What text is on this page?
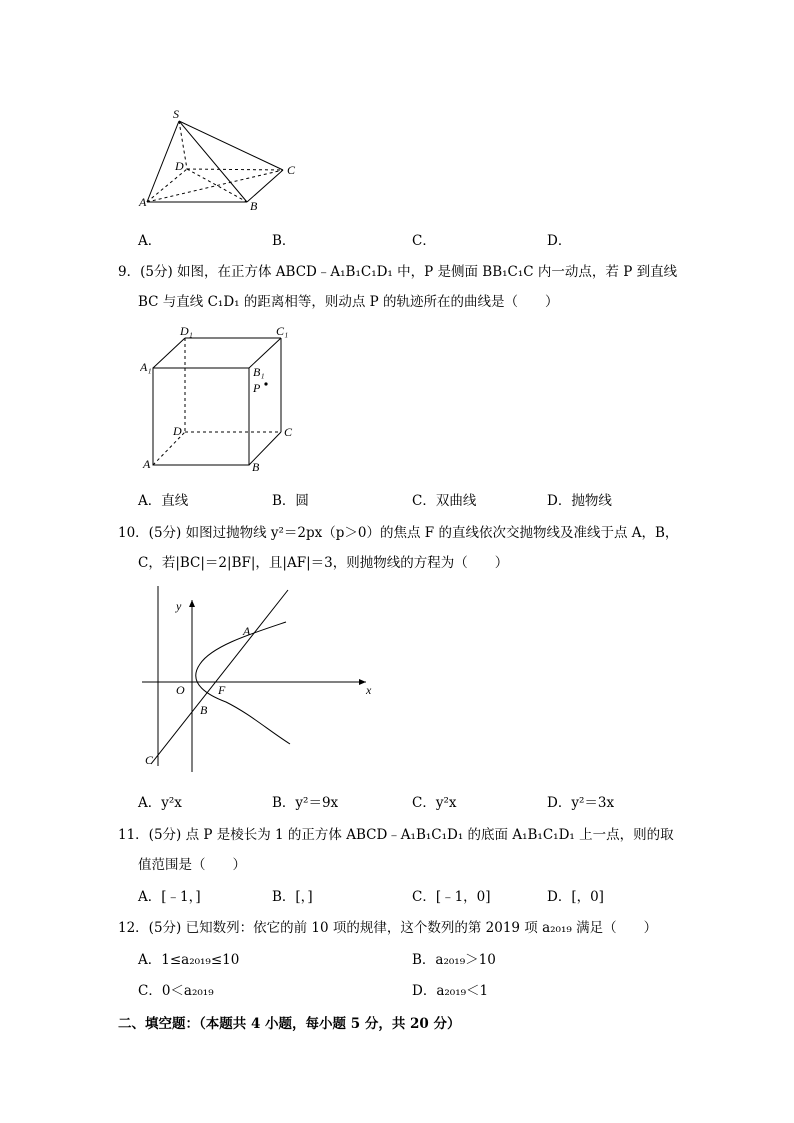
S
D	C
A	B
A．	B．	C．	D．
9．(5分) 如图，在正方体 ABCD﹣A₁B₁C₁D₁ 中，P 是侧面 BB₁C₁C 内一动点，若 P 到直线
BC 与直线 C₁D₁ 的距离相等，则动点 P 的轨迹所在的曲线是（　　）
D₁	C₁
A₁	B₁
P
D	C
A	B
A．直线	B．圆	C．双曲线	D．抛物线
10．(5分) 如图过抛物线 y²＝2px（p＞0）的焦点 F 的直线依次交抛物线及准线于点 A，B，
C，若|BC|＝2|BF|，且|AF|＝3，则抛物线的方程为（　　）
y
x
O	F
A
B
C
A．y²x	B．y²＝9x	C．y²x	D．y²＝3x
11．(5分) 点 P 是棱长为 1 的正方体 ABCD﹣A₁B₁C₁D₁ 的底面 A₁B₁C₁D₁ 上一点，则的取
值范围是（　　）
A．[﹣1，]	B．[，]	C．[﹣1，0]	D．[，0]
12．(5分) 已知数列：依它的前 10 项的规律，这个数列的第 2019 项 a₂₀₁₉ 满足（　　）
A．1≤a₂₀₁₉≤10	B．a₂₀₁₉＞10
C．0＜a₂₀₁₉	D．a₂₀₁₉＜1
二、填空题：（本题共 4 小题，每小题 5 分，共 20 分）
